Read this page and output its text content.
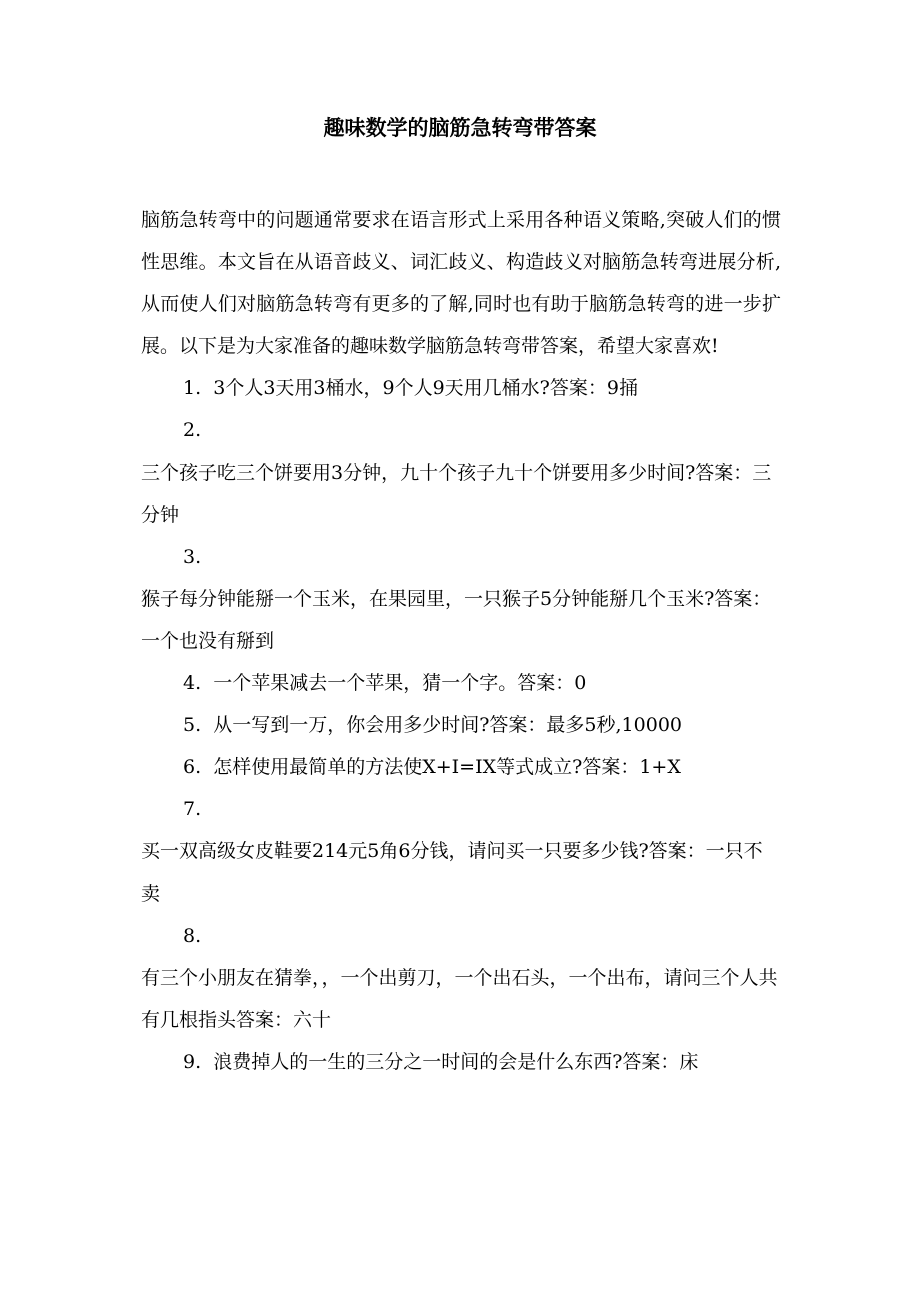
趣味数学的脑筋急转弯带答案

脑筋急转弯中的问题通常要求在语言形式上采用各种语义策略,突破人们的惯性思维。本文旨在从语音歧义、词汇歧义、构造歧义对脑筋急转弯进展分析,从而使人们对脑筋急转弯有更多的了解,同时也有助于脑筋急转弯的进一步扩展。以下是为大家准备的趣味数学脑筋急转弯带答案，希望大家喜欢!

1. 3个人3天用3桶水，9个人9天用几桶水?答案：9捅

2.

三个孩子吃三个饼要用3分钟，九十个孩子九十个饼要用多少时间?答案：三分钟

3.

猴子每分钟能掰一个玉米，在果园里，一只猴子5分钟能掰几个玉米?答案：一个也没有掰到

4. 一个苹果减去一个苹果，猜一个字。答案：0

5. 从一写到一万，你会用多少时间?答案：最多5秒,10000

6. 怎样使用最简单的方法使X+I=IX等式成立?答案：1+X

7.

买一双高级女皮鞋要214元5角6分钱，请问买一只要多少钱?答案：一只不卖

8.

有三个小朋友在猜拳，，一个出剪刀，一个出石头，一个出布，请问三个人共有几根指头答案：六十

9. 浪费掉人的一生的三分之一时间的会是什么东西?答案：床
